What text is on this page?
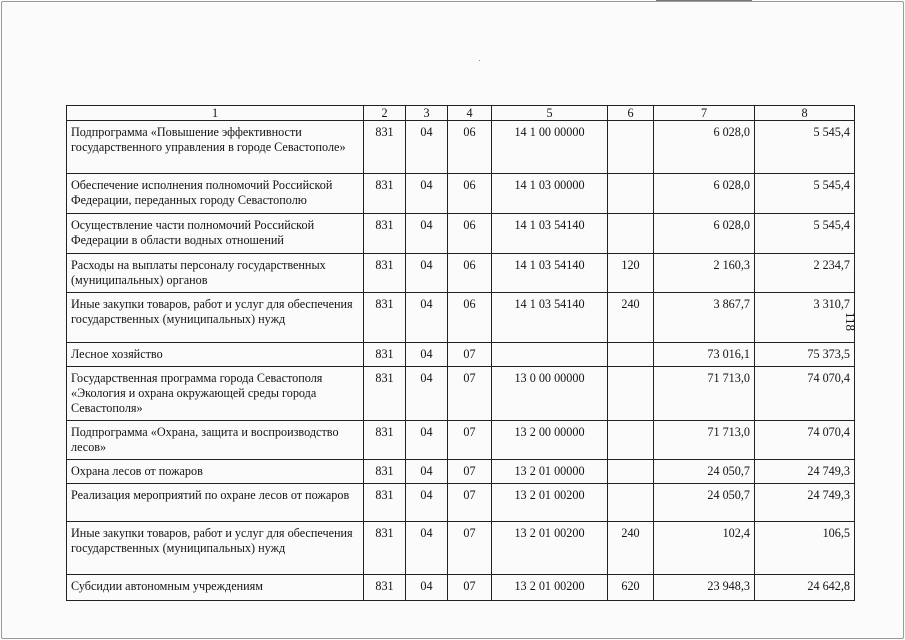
1	2	3	4	5	6	7	8
Подпрограмма «Повышение эффективности государственного управления в городе Севастополе»	831	04	06	14 1 00 00000		6 028,0	5 545,4
Обеспечение исполнения полномочий Российской Федерации, переданных городу Севастополю	831	04	06	14 1 03 00000		6 028,0	5 545,4
Осуществление части полномочий Российской Федерации в области водных отношений	831	04	06	14 1 03 54140		6 028,0	5 545,4
Расходы на выплаты персоналу государственных (муниципальных) органов	831	04	06	14 1 03 54140	120	2 160,3	2 234,7
Иные закупки товаров, работ и услуг для обеспечения государственных (муниципальных) нужд	831	04	06	14 1 03 54140	240	3 867,7	3 310,7
Лесное хозяйство	831	04	07			73 016,1	75 373,5
Государственная программа города Севастополя «Экология и охрана окружающей среды города Севастополя»	831	04	07	13 0 00 00000		71 713,0	74 070,4
Подпрограмма «Охрана, защита и воспроизводство лесов»	831	04	07	13 2 00 00000		71 713,0	74 070,4
Охрана лесов от пожаров	831	04	07	13 2 01 00000		24 050,7	24 749,3
Реализация мероприятий по охране лесов от пожаров	831	04	07	13 2 01 00200		24 050,7	24 749,3
Иные закупки товаров, работ и услуг для обеспечения государственных (муниципальных) нужд	831	04	07	13 2 01 00200	240	102,4	106,5
Субсидии автономным учреждениям	831	04	07	13 2 01 00200	620	23 948,3	24 642,8
118
